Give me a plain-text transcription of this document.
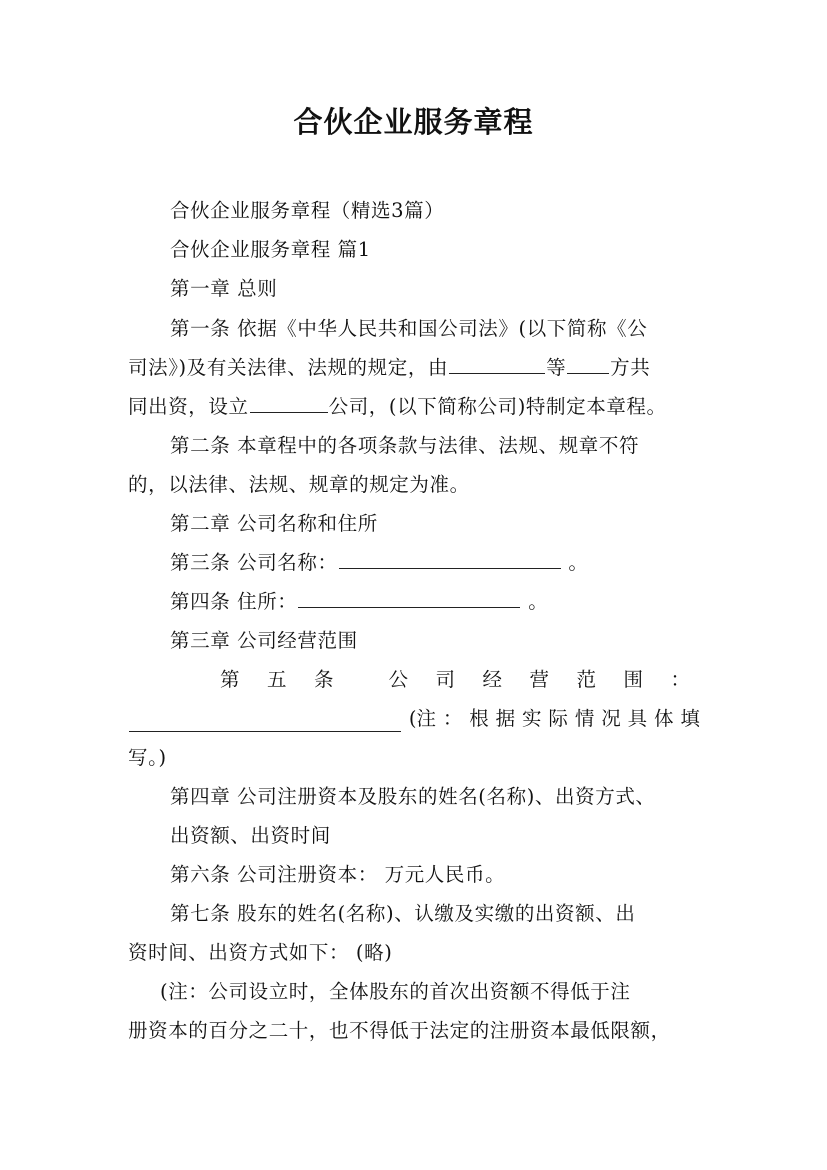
合伙企业服务章程
合伙企业服务章程（精选3篇）
合伙企业服务章程 篇1
第一章 总则
第一条 依据《中华人民共和国公司法》(以下简称《公
司法》)及有关法律、法规的规定，由	等 方共
同出资，设立	公司，(以下简称公司)特制定本章程。
第二条 本章程中的各项条款与法律、法规、规章不符
的，以法律、法规、规章的规定为准。
第二章 公司名称和住所
第三条 公司名称：	。
第四条 住所：	。
第三章 公司经营范围
第 五 条	公 司 经 营 范 围 ：
(注 ： 根 据 实 际 情 况 具 体 填
写。)
第四章 公司注册资本及股东的姓名(名称)、出资方式、
出资额、出资时间
第六条 公司注册资本： 万元人民币。
第七条 股东的姓名(名称)、认缴及实缴的出资额、出
资时间、出资方式如下： (略)
(注：公司设立时，全体股东的首次出资额不得低于注
册资本的百分之二十，也不得低于法定的注册资本最低限额，
